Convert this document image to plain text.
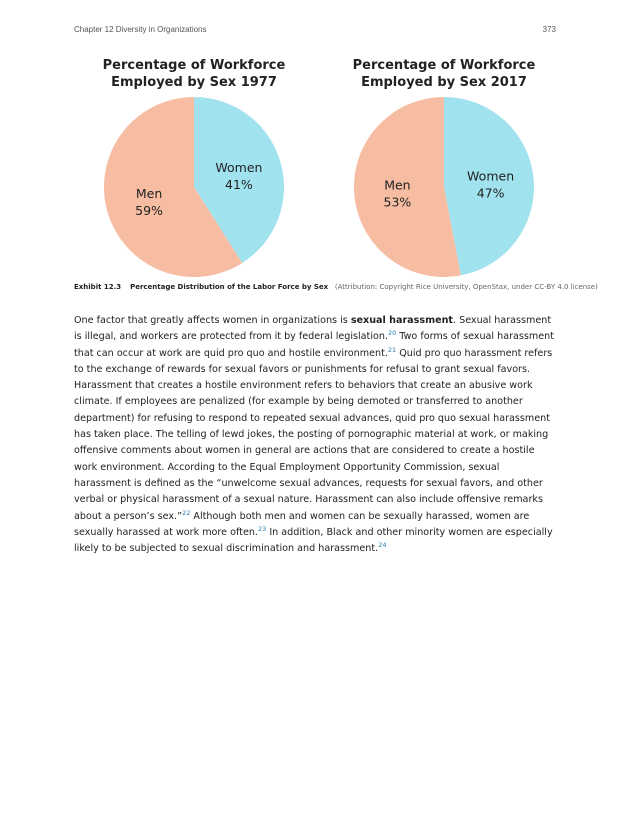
Chapter 12 Diversity in Organizations	373
Percentage of Workforce Employed by Sex 1977
Women
41%
Men
59%
Percentage of Workforce Employed by Sex 2017
Women
47%
Men
53%
Exhibit 12.3 Percentage Distribution of the Labor Force by Sex (Attribution: Copyright Rice University, OpenStax, under CC-BY 4.0 license)
One factor that greatly affects women in organizations is sexual harassment. Sexual harassment is illegal, and workers are protected from it by federal legislation.$^{20}$ Two forms of sexual harassment that can occur at work are quid pro quo and hostile environment.$^{21}$ Quid pro quo harassment refers to the exchange of rewards for sexual favors or punishments for refusal to grant sexual favors. Harassment that creates a hostile environment refers to behaviors that create an abusive work climate. If employees are penalized (for example by being demoted or transferred to another department) for refusing to respond to repeated sexual advances, quid pro quo sexual harassment has taken place. The telling of lewd jokes, the posting of pornographic material at work, or making offensive comments about women in general are actions that are considered to create a hostile work environment. According to the Equal Employment Opportunity Commission, sexual harassment is defined as the “unwelcome sexual advances, requests for sexual favors, and other verbal or physical harassment of a sexual nature. Harassment can also include offensive remarks about a person’s sex.”$^{22}$ Although both men and women can be sexually harassed, women are sexually harassed at work more often.$^{23}$ In addition, Black and other minority women are especially likely to be subjected to sexual discrimination and harassment.$^{24}$
